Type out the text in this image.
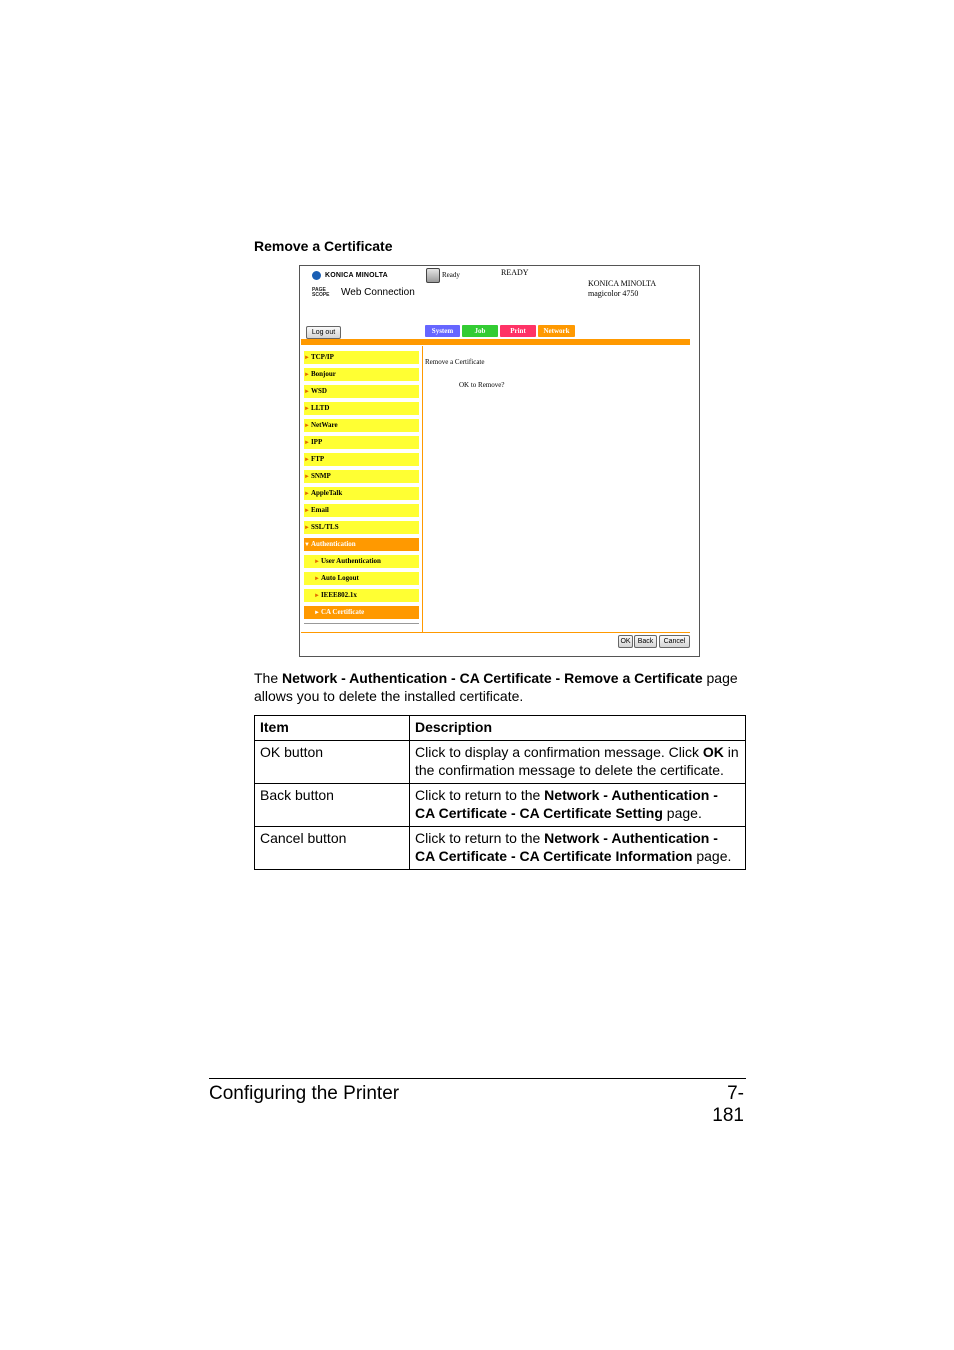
Remove a Certificate
KONICA MINOLTA
PAGE SCOPE	Web Connection
Ready	READY
KONICA MINOLTA
magicolor 4750
Log out	System	Job	Print	Network
►TCP/IP
►Bonjour
►WSD
►LLTD
►NetWare
►IPP
►FTP
►SNMP
►AppleTalk
►Email
►SSL/TLS
▼Authentication
►User Authentication
►Auto Logout
►IEEE802.1x
►CA Certificate
Remove a Certificate
OK to Remove?
OK	Back	Cancel
The Network - Authentication - CA Certificate - Remove a Certificate page allows you to delete the installed certificate.
Item	Description
OK button	Click to display a confirmation message. Click OK in the confirmation message to delete the certificate.
Back button	Click to return to the Network - Authentication - CA Certificate - CA Certificate Setting page.
Cancel button	Click to return to the Network - Authentication - CA Certificate - CA Certificate Information page.
Configuring the Printer	7-181
